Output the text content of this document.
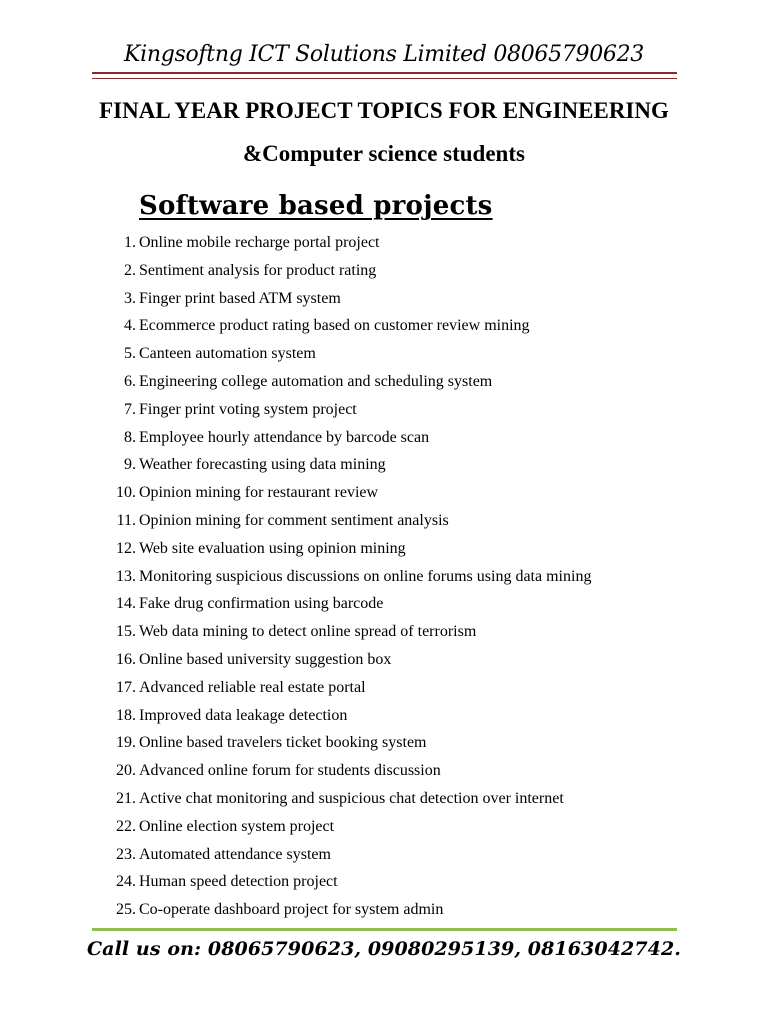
Kingsoftng ICT Solutions Limited 08065790623
FINAL YEAR PROJECT TOPICS FOR ENGINEERING
&Computer science students
Software based projects
1. Online mobile recharge portal project
2. Sentiment analysis for product rating
3. Finger print based ATM system
4. Ecommerce product rating based on customer review mining
5. Canteen automation system
6. Engineering college automation and scheduling system
7. Finger print voting system project
8. Employee hourly attendance by barcode scan
9. Weather forecasting using data mining
10. Opinion mining for restaurant review
11. Opinion mining for comment sentiment analysis
12. Web site evaluation using opinion mining
13. Monitoring suspicious discussions on online forums using data mining
14. Fake drug confirmation using barcode
15. Web data mining to detect online spread of terrorism
16. Online based university suggestion box
17. Advanced reliable real estate portal
18. Improved data leakage detection
19. Online based travelers ticket booking system
20. Advanced online forum for students discussion
21. Active chat monitoring and suspicious chat detection over internet
22. Online election system project
23. Automated attendance system
24. Human speed detection project
25. Co-operate dashboard project for system admin
Call us on: 08065790623, 09080295139, 08163042742.
